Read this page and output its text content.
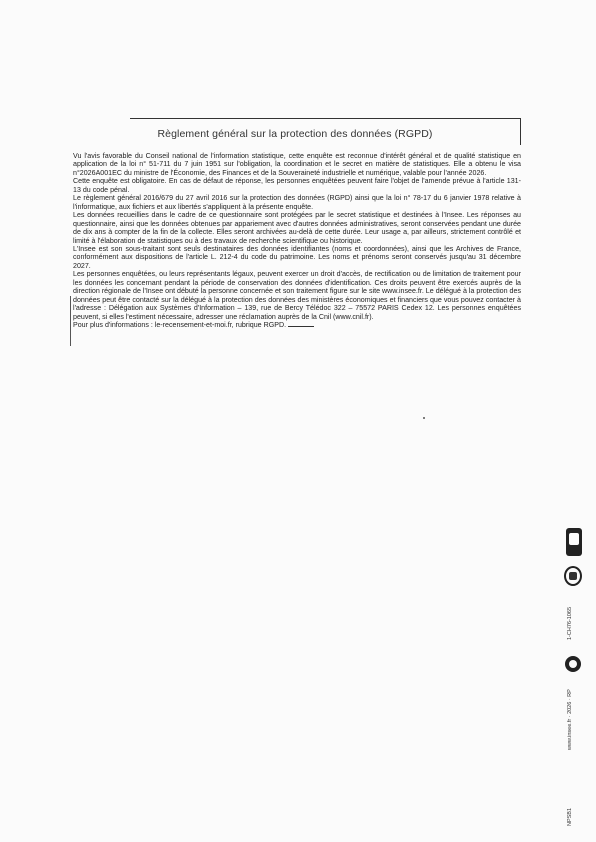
Règlement général sur la protection des données (RGPD)

Vu l'avis favorable du Conseil national de l'information statistique, cette enquête est reconnue d'intérêt général et de qualité statistique en application de la loi n° 51-711 du 7 juin 1951 sur l'obligation, la coordination et le secret en matière de statistiques. Elle a obtenu le visa n°2026A001EC du ministre de l'Économie, des Finances et de la Souveraineté industrielle et numérique, valable pour l'année 2026.

Cette enquête est obligatoire. En cas de défaut de réponse, les personnes enquêtées peuvent faire l'objet de l'amende prévue à l'article 131-13 du code pénal.

Le règlement général 2016/679 du 27 avril 2016 sur la protection des données (RGPD) ainsi que la loi n° 78-17 du 6 janvier 1978 relative à l'informatique, aux fichiers et aux libertés s'appliquent à la présente enquête.

Les données recueillies dans le cadre de ce questionnaire sont protégées par le secret statistique et destinées à l'Insee. Les réponses au questionnaire, ainsi que les données obtenues par appariement avec d'autres données administratives, seront conservées pendant une durée de dix ans à compter de la fin de la collecte. Elles seront archivées au-delà de cette durée. Leur usage a, par ailleurs, strictement contrôlé et limité à l'élaboration de statistiques ou à des travaux de recherche scientifique ou historique.

L'Insee est son sous-traitant sont seuls destinataires des données identifiantes (noms et coordonnées), ainsi que les Archives de France, conformément aux dispositions de l'article L. 212-4 du code du patrimoine. Les noms et prénoms seront conservés jusqu'au 31 décembre 2027.

Les personnes enquêtées, ou leurs représentants légaux, peuvent exercer un droit d'accès, de rectification ou de limitation de traitement pour les données les concernant pendant la période de conservation des données d'identification. Ces droits peuvent être exercés auprès de la direction régionale de l'Insee ont débuté la personne concernée et son traitement figure sur le site www.insee.fr. Le délégué à la protection des données peut être contacté sur la délégué à la protection des données des ministères économiques et financiers que vous pouvez contacter à l'adresse : Délégation aux Systèmes d'Information – 139, rue de Bercy Télédoc 322 – 75572 PARIS Cedex 12. Les personnes enquêtées peuvent, si elles l'estiment nécessaire, adresser une réclamation auprès de la Cnil (www.cnil.fr).

Pour plus d'informations : le-recensement-et-moi.fr, rubrique RGPD.

1-CH76-1065
www.insee.fr · 2026 · RP
NPSB1
